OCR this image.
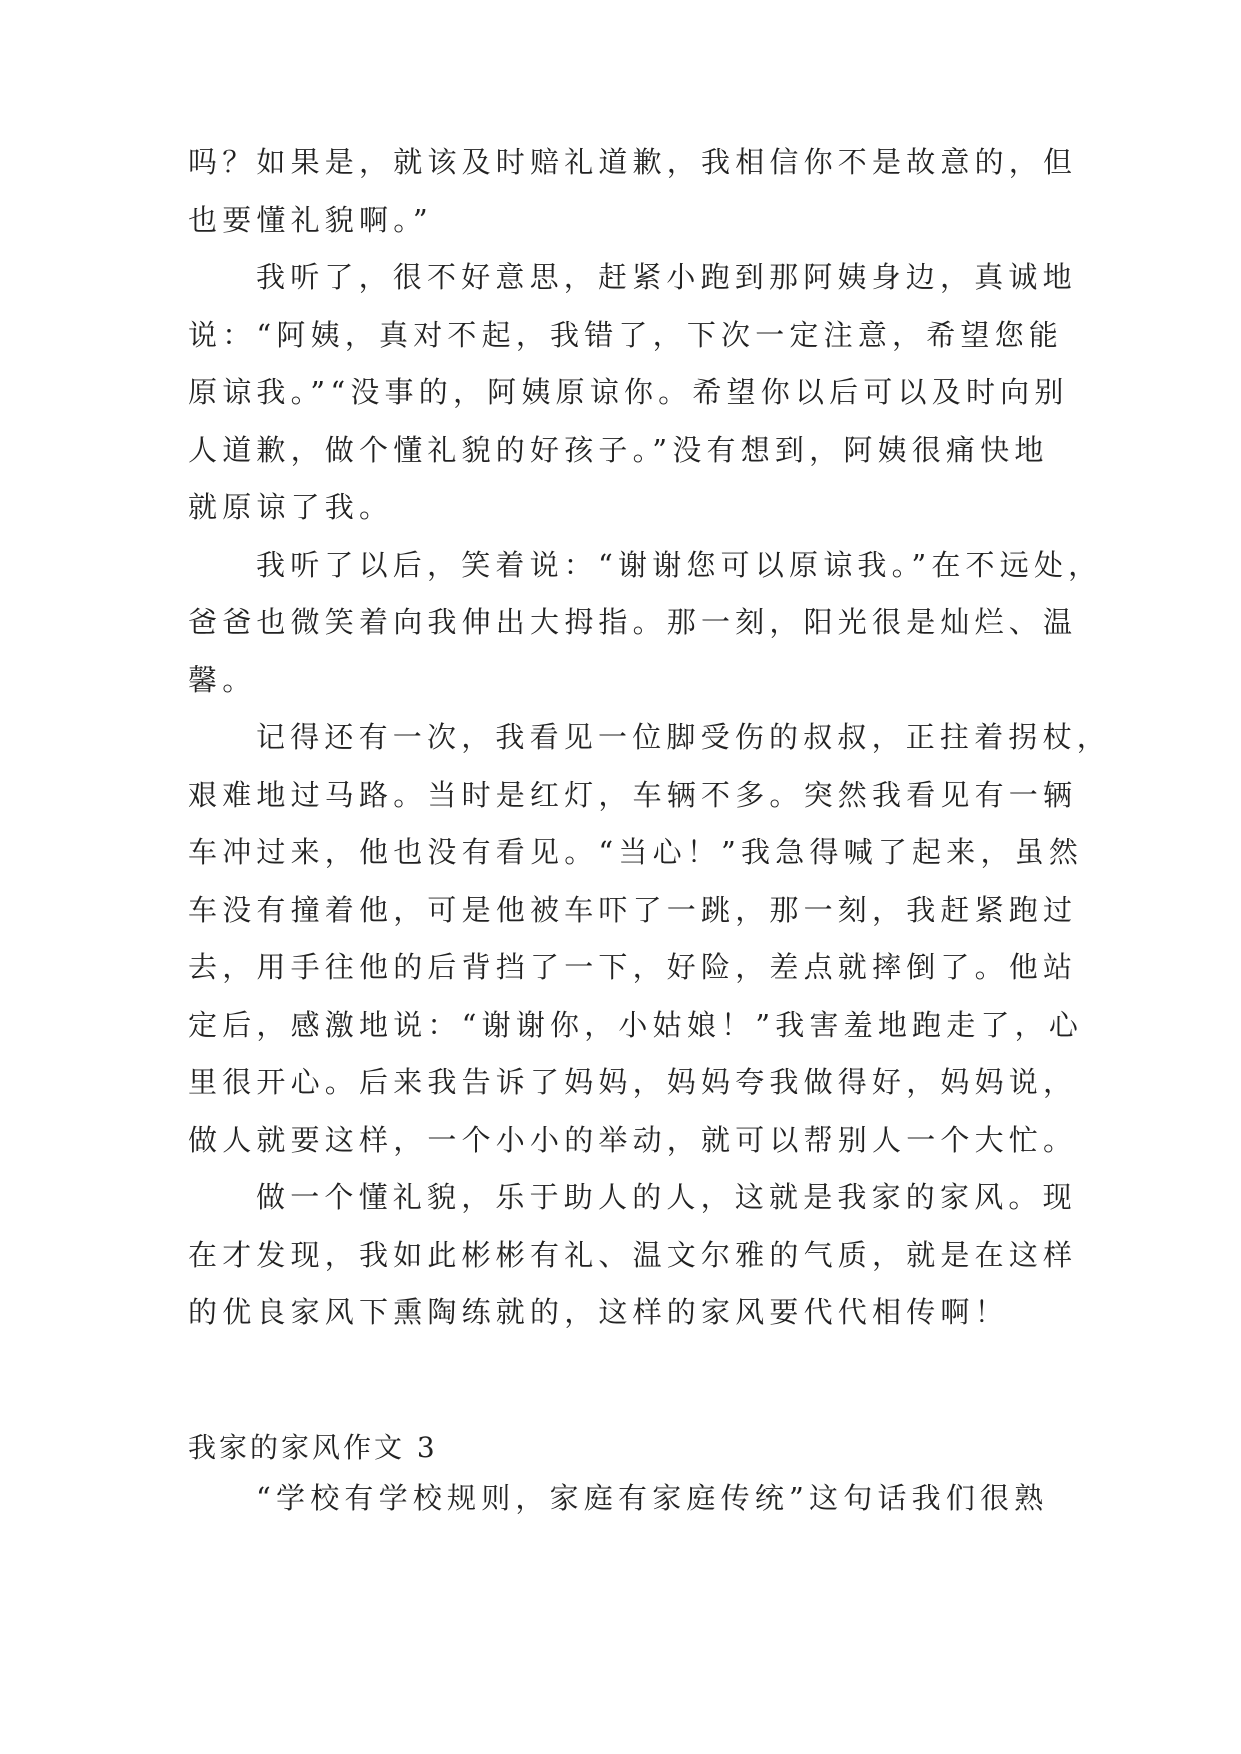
吗？如果是，就该及时赔礼道歉，我相信你不是故意的，但
也要懂礼貌啊。”
我听了，很不好意思，赶紧小跑到那阿姨身边，真诚地
说：“阿姨，真对不起，我错了，下次一定注意，希望您能
原谅我。”“没事的，阿姨原谅你。希望你以后可以及时向别
人道歉，做个懂礼貌的好孩子。”没有想到，阿姨很痛快地
就原谅了我。
我听了以后，笑着说：“谢谢您可以原谅我。”在不远处，
爸爸也微笑着向我伸出大拇指。那一刻，阳光很是灿烂、温
馨。
记得还有一次，我看见一位脚受伤的叔叔，正拄着拐杖，
艰难地过马路。当时是红灯，车辆不多。突然我看见有一辆
车冲过来，他也没有看见。“当心！”我急得喊了起来，虽然
车没有撞着他，可是他被车吓了一跳，那一刻，我赶紧跑过
去，用手往他的后背挡了一下，好险，差点就摔倒了。他站
定后，感激地说：“谢谢你，小姑娘！”我害羞地跑走了，心
里很开心。后来我告诉了妈妈，妈妈夸我做得好，妈妈说，
做人就要这样，一个小小的举动，就可以帮别人一个大忙。
做一个懂礼貌，乐于助人的人，这就是我家的家风。现
在才发现，我如此彬彬有礼、温文尔雅的气质，就是在这样
的优良家风下熏陶练就的，这样的家风要代代相传啊！
我家的家风作文 3
“学校有学校规则，家庭有家庭传统”这句话我们很熟
